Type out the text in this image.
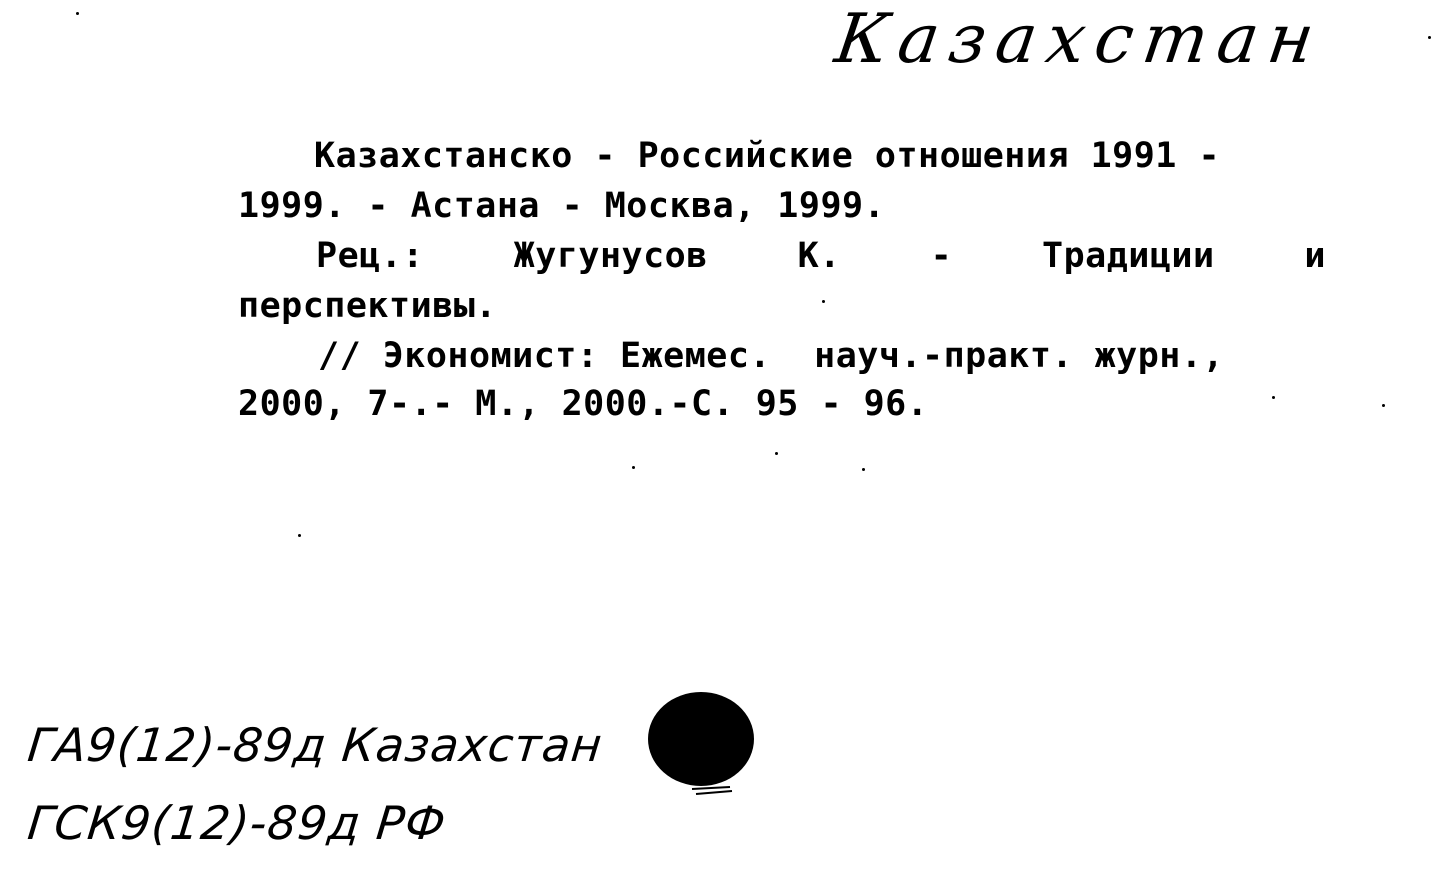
Казахстан
Казахстанско - Российские отношения 1991 -
1999. - Астана - Москва, 1999.
Рец.:	Жугунусов	К.	-	Традиции	и
перспективы.
// Экономист: Ежемес.  науч.-практ. журн.,
2000, 7-.- М., 2000.-С. 95 - 96.
ГА9(12)-89д Казахстан
ГСК9(12)-89д РФ
